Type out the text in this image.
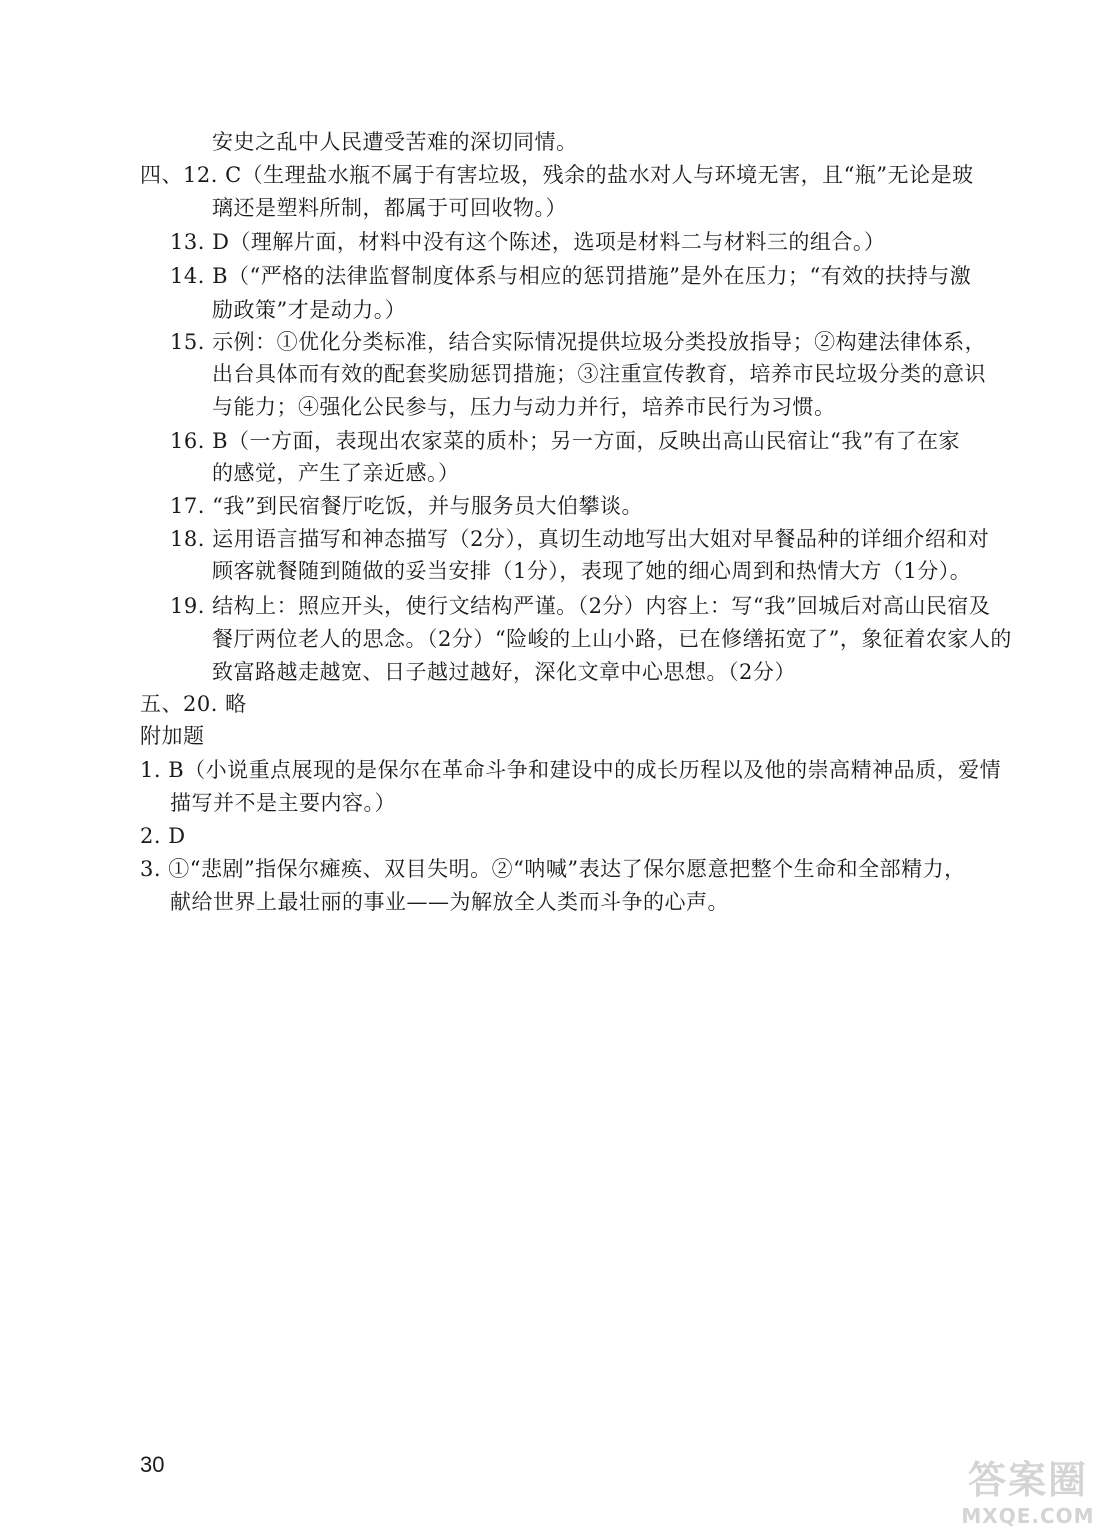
安史之乱中人民遭受苦难的深切同情。
四、12. C（生理盐水瓶不属于有害垃圾，残余的盐水对人与环境无害，且“瓶”无论是玻
璃还是塑料所制，都属于可回收物。）
13. D（理解片面，材料中没有这个陈述，选项是材料二与材料三的组合。）
14. B（“严格的法律监督制度体系与相应的惩罚措施”是外在压力；“有效的扶持与激
励政策”才是动力。）
15. 示例：①优化分类标准，结合实际情况提供垃圾分类投放指导；②构建法律体系，
出台具体而有效的配套奖励惩罚措施；③注重宣传教育，培养市民垃圾分类的意识
与能力；④强化公民参与，压力与动力并行，培养市民行为习惯。
16. B（一方面，表现出农家菜的质朴；另一方面，反映出高山民宿让“我”有了在家
的感觉，产生了亲近感。）
17. “我”到民宿餐厅吃饭，并与服务员大伯攀谈。
18. 运用语言描写和神态描写（2分），真切生动地写出大姐对早餐品种的详细介绍和对
顾客就餐随到随做的妥当安排（1分），表现了她的细心周到和热情大方（1分）。
19. 结构上：照应开头，使行文结构严谨。（2分）内容上：写“我”回城后对高山民宿及
餐厅两位老人的思念。（2分）“险峻的上山小路，已在修缮拓宽了”，象征着农家人的
致富路越走越宽、日子越过越好，深化文章中心思想。（2分）
五、20. 略
附加题
1. B（小说重点展现的是保尔在革命斗争和建设中的成长历程以及他的崇高精神品质，爱情
描写并不是主要内容。）
2. D
3. ①“悲剧”指保尔瘫痪、双目失明。②“呐喊”表达了保尔愿意把整个生命和全部精力，
献给世界上最壮丽的事业——为解放全人类而斗争的心声。
30	答案圈
MXQE.COM
